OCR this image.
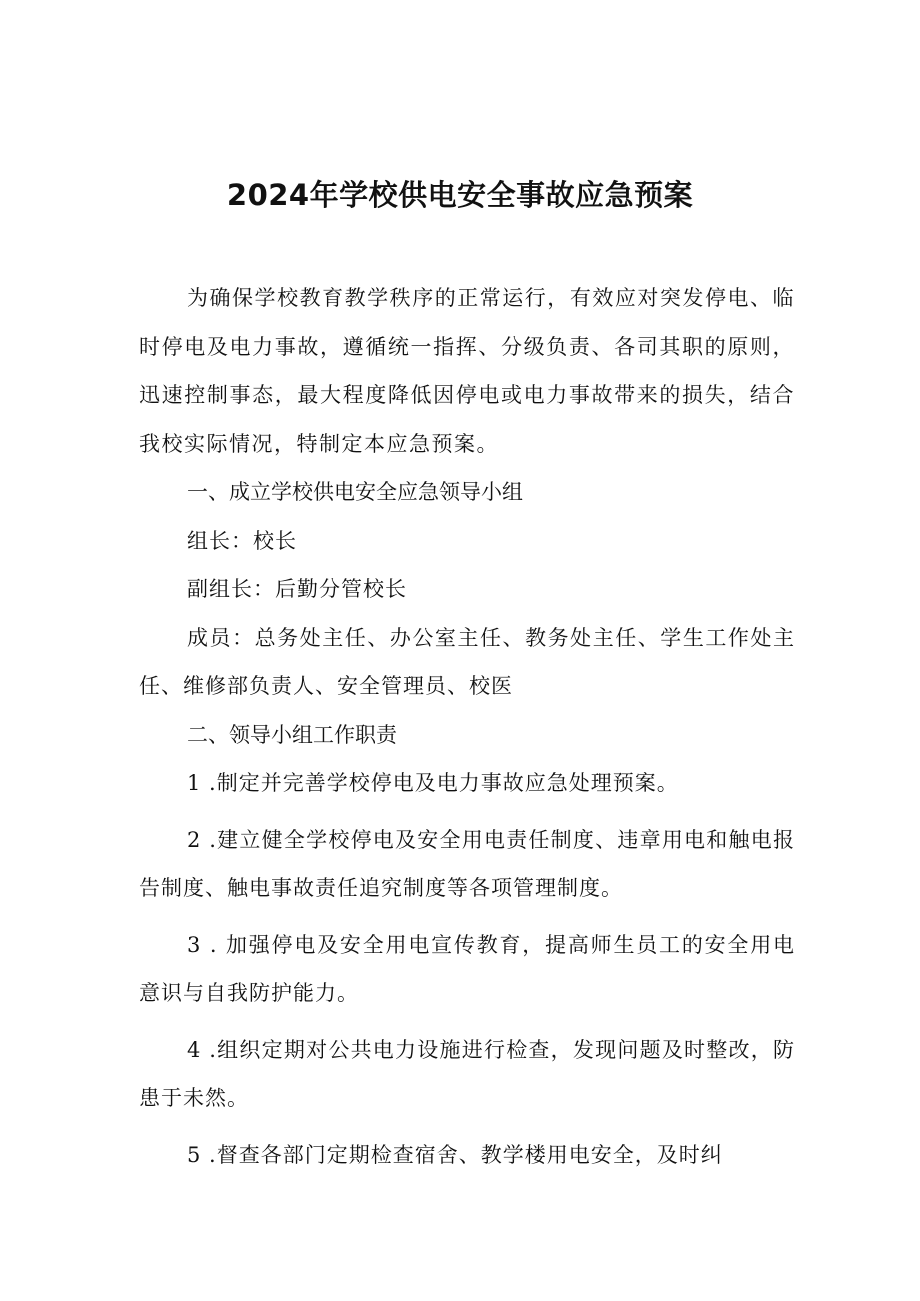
2024年学校供电安全事故应急预案

为确保学校教育教学秩序的正常运行，有效应对突发停电、临时停电及电力事故，遵循统一指挥、分级负责、各司其职的原则，迅速控制事态，最大程度降低因停电或电力事故带来的损失，结合我校实际情况，特制定本应急预案。

一、成立学校供电安全应急领导小组

组长：校长

副组长：后勤分管校长

成员：总务处主任、办公室主任、教务处主任、学生工作处主任、维修部负责人、安全管理员、校医

二、领导小组工作职责

1 .制定并完善学校停电及电力事故应急处理预案。

2 .建立健全学校停电及安全用电责任制度、违章用电和触电报告制度、触电事故责任追究制度等各项管理制度。

3 . 加强停电及安全用电宣传教育，提高师生员工的安全用电意识与自我防护能力。

4 .组织定期对公共电力设施进行检查，发现问题及时整改，防患于未然。

5 .督查各部门定期检查宿舍、教学楼用电安全，及时纠
